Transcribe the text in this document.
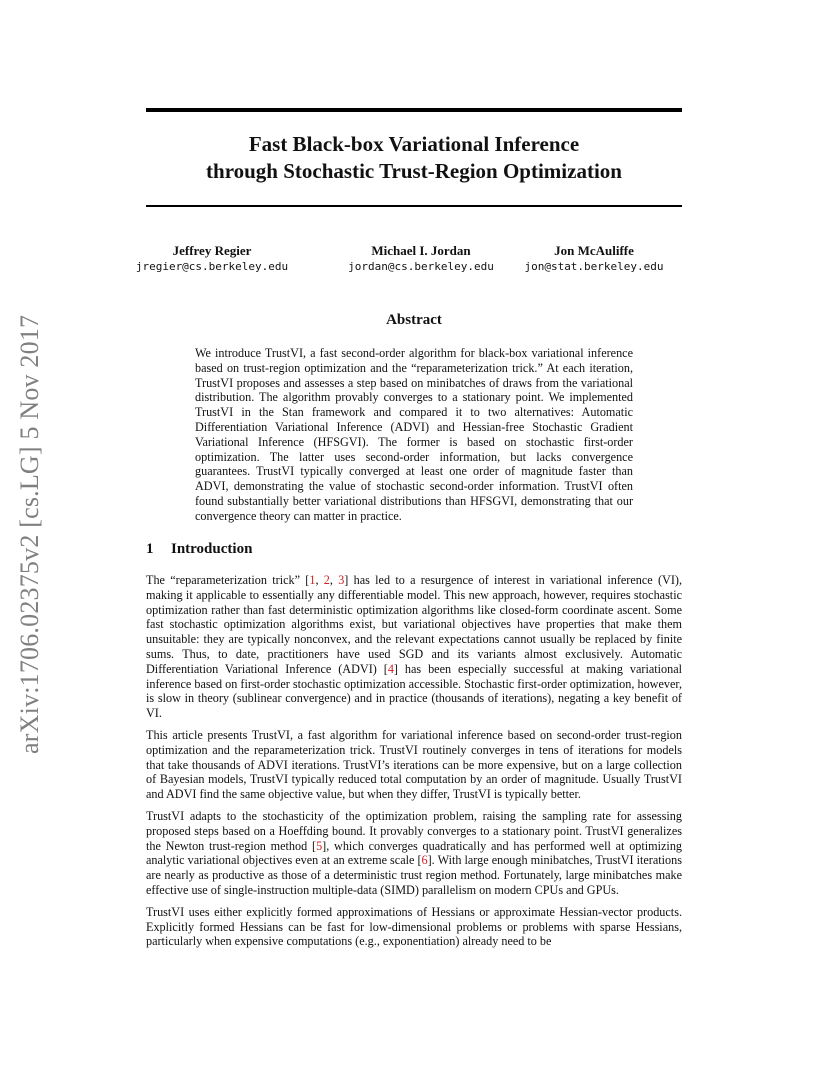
arXiv:1706.02375v2 [cs.LG] 5 Nov 2017
Fast Black-box Variational Inference
through Stochastic Trust-Region Optimization
Jeffrey Regier
jregier@cs.berkeley.edu
Michael I. Jordan
jordan@cs.berkeley.edu
Jon McAuliffe
jon@stat.berkeley.edu
Abstract

We introduce TrustVI, a fast second-order algorithm for black-box variational inference based on trust-region optimization and the “reparameterization trick.” At each iteration, TrustVI proposes and assesses a step based on minibatches of draws from the variational distribution. The algorithm provably converges to a stationary point. We implemented TrustVI in the Stan framework and compared it to two alternatives: Automatic Differentiation Variational Inference (ADVI) and Hessian-free Stochastic Gradient Variational Inference (HFSGVI). The former is based on stochastic first-order optimization. The latter uses second-order information, but lacks convergence guarantees. TrustVI typically converged at least one order of magnitude faster than ADVI, demonstrating the value of stochastic second-order information. TrustVI often found substantially better variational distributions than HFSGVI, demonstrating that our convergence theory can matter in practice.

1 Introduction

The “reparameterization trick” [1, 2, 3] has led to a resurgence of interest in variational inference (VI), making it applicable to essentially any differentiable model. This new approach, however, requires stochastic optimization rather than fast deterministic optimization algorithms like closed-form coordinate ascent. Some fast stochastic optimization algorithms exist, but variational objectives have properties that make them unsuitable: they are typically nonconvex, and the relevant expectations cannot usually be replaced by finite sums. Thus, to date, practitioners have used SGD and its variants almost exclusively. Automatic Differentiation Variational Inference (ADVI) [4] has been especially successful at making variational inference based on first-order stochastic optimization accessible. Stochastic first-order optimization, however, is slow in theory (sublinear convergence) and in practice (thousands of iterations), negating a key benefit of VI.

This article presents TrustVI, a fast algorithm for variational inference based on second-order trust-region optimization and the reparameterization trick. TrustVI routinely converges in tens of iterations for models that take thousands of ADVI iterations. TrustVI’s iterations can be more expensive, but on a large collection of Bayesian models, TrustVI typically reduced total computation by an order of magnitude. Usually TrustVI and ADVI find the same objective value, but when they differ, TrustVI is typically better.

TrustVI adapts to the stochasticity of the optimization problem, raising the sampling rate for assessing proposed steps based on a Hoeffding bound. It provably converges to a stationary point. TrustVI generalizes the Newton trust-region method [5], which converges quadratically and has performed well at optimizing analytic variational objectives even at an extreme scale [6]. With large enough minibatches, TrustVI iterations are nearly as productive as those of a deterministic trust region method. Fortunately, large minibatches make effective use of single-instruction multiple-data (SIMD) parallelism on modern CPUs and GPUs.

TrustVI uses either explicitly formed approximations of Hessians or approximate Hessian-vector products. Explicitly formed Hessians can be fast for low-dimensional problems or problems with sparse Hessians, particularly when expensive computations (e.g., exponentiation) already need to be
